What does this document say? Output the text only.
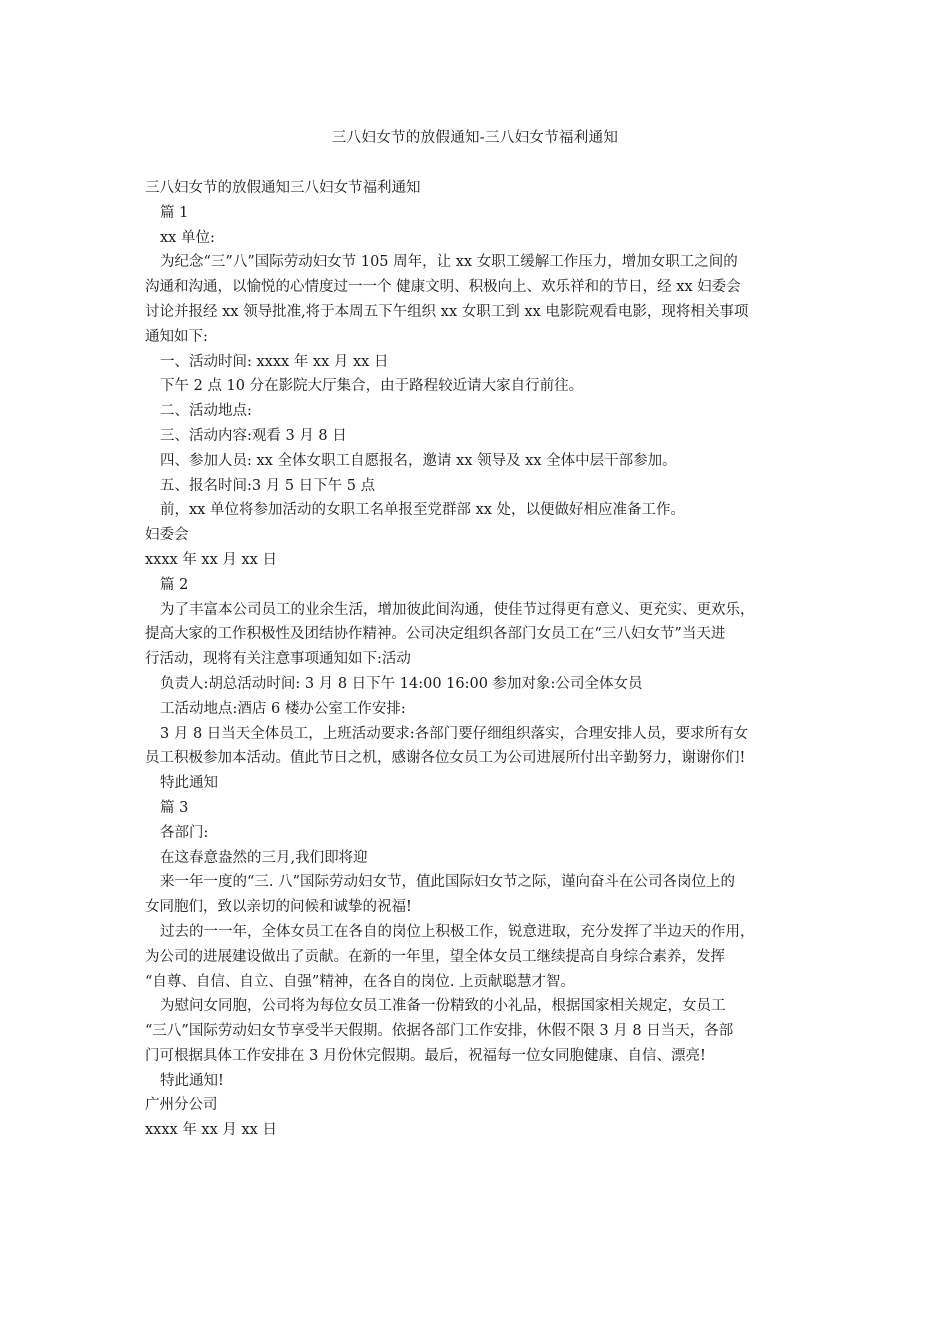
三八妇女节的放假通知-三八妇女节福利通知
三八妇女节的放假通知三八妇女节福利通知
篇 1
xx 单位:
为纪念“三”八”国际劳动妇女节 105 周年，让 xx 女职工缓解工作压力，增加女职工之间的
沟通和沟通，以愉悦的心情度过一一个 健康文明、积极向上、欢乐祥和的节日，经 xx 妇委会
讨论并报经 xx 领导批准,将于本周五下午组织 xx 女职工到 xx 电影院观看电影，现将相关事项
通知如下:
一、活动时间: xxxx 年 xx 月 xx 日
下午 2 点 10 分在影院大厅集合，由于路程较近请大家自行前往。
二、活动地点:
三、活动内容:观看 3 月 8 日
四、参加人员: xx 全体女职工自愿报名，邀请 xx 领导及 xx 全体中层干部参加。
五、报名时间:3 月 5 日下午 5 点
前，xx 单位将参加活动的女职工名单报至党群部 xx 处，以便做好相应准备工作。
妇委会
xxxx 年 xx 月 xx 日
篇 2
为了丰富本公司员工的业余生活，增加彼此间沟通，使佳节过得更有意义、更充实、更欢乐，
提高大家的工作积极性及团结协作精神。公司决定组织各部门女员工在“三八妇女节”当天进
行活动，现将有关注意事项通知如下:活动
负责人:胡总活动时间: 3 月 8 日下午 14:00 16:00 参加对象:公司全体女员
工活动地点:酒店 6 楼办公室工作安排:
3 月 8 日当天全体员工，上班活动要求:各部门要仔细组织落实，合理安排人员，要求所有女
员工积极参加本活动。值此节日之机，感谢各位女员工为公司进展所付出辛勤努力，谢谢你们!
特此通知
篇 3
各部门:
在这春意盎然的三月,我们即将迎
来一年一度的“三. 八”国际劳动妇女节，值此国际妇女节之际，谨向奋斗在公司各岗位上的
女同胞们，致以亲切的问候和诚挚的祝福!
过去的一一年，全体女员工在各自的岗位上积极工作，锐意进取，充分发挥了半边天的作用，
为公司的进展建设做出了贡献。在新的一年里，望全体女员工继续提高自身综合素养，发挥
“自尊、自信、自立、自强”精神，在各自的岗位. 上贡献聪慧才智。
为慰问女同胞，公司将为每位女员工准备一份精致的小礼品，根据国家相关规定，女员工
“三八”国际劳动妇女节享受半天假期。依据各部门工作安排，休假不限 3 月 8 日当天，各部
门可根据具体工作安排在 3 月份休完假期。最后，祝福每一位女同胞健康、自信、漂亮!
特此通知!
广州分公司
xxxx 年 xx 月 xx 日
